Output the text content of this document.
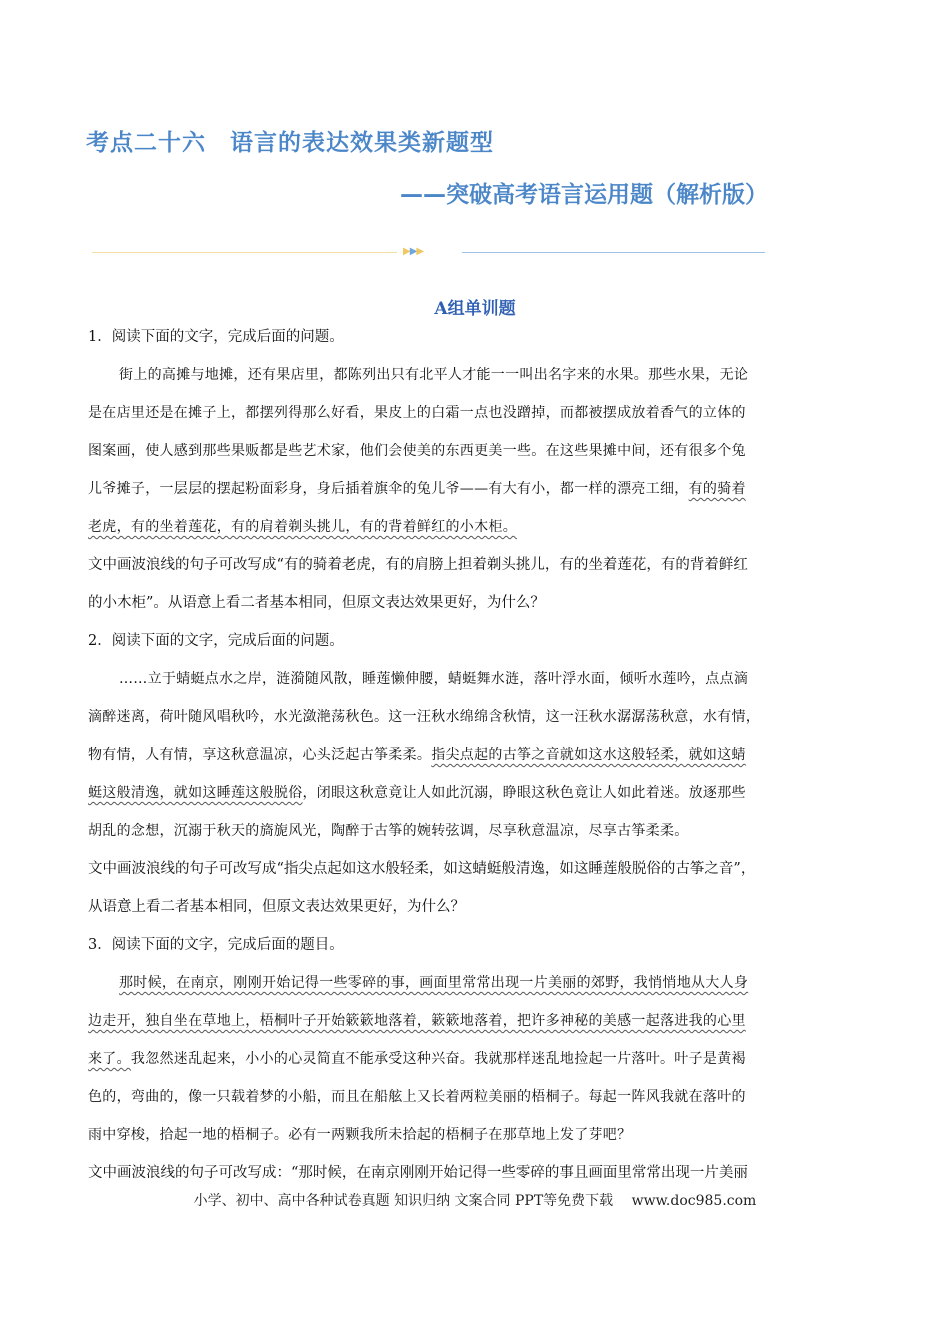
考点二十六　语言的表达效果类新题型
——突破高考语言运用题（解析版）
▶▶▶
A组单训题
1．阅读下面的文字，完成后面的问题。
街上的高摊与地摊，还有果店里，都陈列出只有北平人才能一一叫出名字来的水果。那些水果，无论
是在店里还是在摊子上，都摆列得那么好看，果皮上的白霜一点也没蹭掉，而都被摆成放着香气的立体的
图案画，使人感到那些果贩都是些艺术家，他们会使美的东西更美一些。在这些果摊中间，还有很多个兔
儿爷摊子，一层层的摆起粉面彩身，身后插着旗伞的兔儿爷——有大有小，都一样的漂亮工细，有的骑着
老虎，有的坐着莲花，有的肩着剃头挑儿，有的背着鲜红的小木柜。
文中画波浪线的句子可改写成“有的骑着老虎，有的肩膀上担着剃头挑儿，有的坐着莲花，有的背着鲜红
的小木柜”。从语意上看二者基本相同，但原文表达效果更好，为什么？
2．阅读下面的文字，完成后面的问题。
……立于蜻蜓点水之岸，涟漪随风散，睡莲懒伸腰，蜻蜓舞水涟，落叶浮水面，倾听水莲吟，点点滴
滴醉迷离，荷叶随风唱秋吟，水光潋滟荡秋色。这一汪秋水绵绵含秋情，这一汪秋水潺潺荡秋意，水有情，
物有情，人有情，享这秋意温凉，心头泛起古筝柔柔。指尖点起的古筝之音就如这水这般轻柔，就如这蜻
蜓这般清逸，就如这睡莲这般脱俗，闭眼这秋意竟让人如此沉溺，睁眼这秋色竟让人如此着迷。放逐那些
胡乱的念想，沉溺于秋天的旖旎风光，陶醉于古筝的婉转弦调，尽享秋意温凉，尽享古筝柔柔。
文中画波浪线的句子可改写成“指尖点起如这水般轻柔，如这蜻蜓般清逸，如这睡莲般脱俗的古筝之音”，
从语意上看二者基本相同，但原文表达效果更好，为什么？
3．阅读下面的文字，完成后面的题目。
那时候，在南京，刚刚开始记得一些零碎的事，画面里常常出现一片美丽的郊野，我悄悄地从大人身
边走开，独自坐在草地上，梧桐叶子开始簌簌地落着，簌簌地落着，把许多神秘的美感一起落进我的心里
来了。我忽然迷乱起来，小小的心灵简直不能承受这种兴奋。我就那样迷乱地捡起一片落叶。叶子是黄褐
色的，弯曲的，像一只载着梦的小船，而且在船舷上又长着两粒美丽的梧桐子。每起一阵风我就在落叶的
雨中穿梭，拾起一地的梧桐子。必有一两颗我所未拾起的梧桐子在那草地上发了芽吧？
文中画波浪线的句子可改写成：“那时候，在南京刚刚开始记得一些零碎的事且画面里常常出现一片美丽
小学、初中、高中各种试卷真题 知识归纳 文案合同 PPT等免费下载　 www.doc985.com
